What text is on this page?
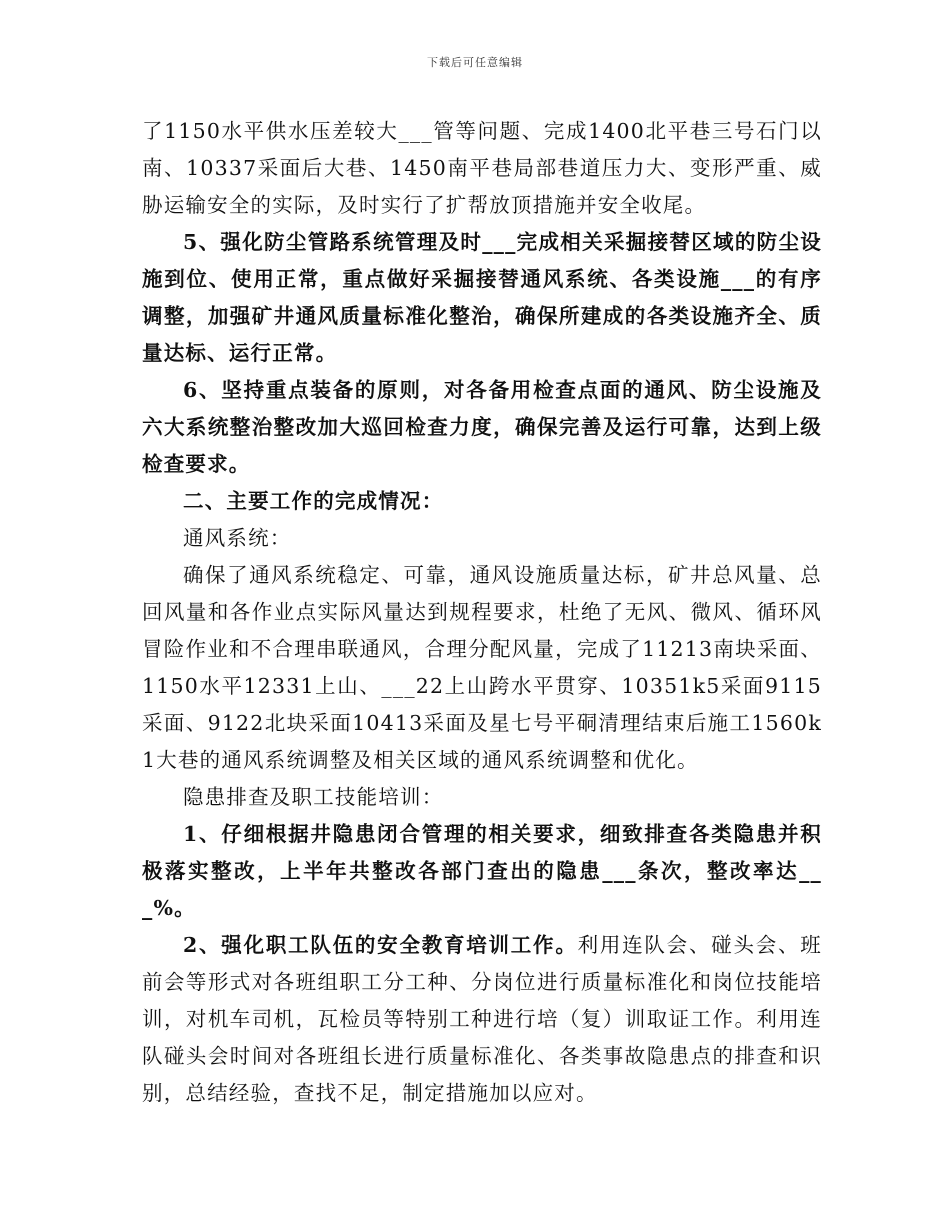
下载后可任意编辑

了1150水平供水压差较大___管等问题、完成1400北平巷三号石门以南、10337采面后大巷、1450南平巷局部巷道压力大、变形严重、威胁运输安全的实际，及时实行了扩帮放顶措施并安全收尾。

5、强化防尘管路系统管理及时___完成相关采掘接替区域的防尘设施到位、使用正常，重点做好采掘接替通风系统、各类设施___的有序调整，加强矿井通风质量标准化整治，确保所建成的各类设施齐全、质量达标、运行正常。

6、坚持重点装备的原则，对各备用检查点面的通风、防尘设施及六大系统整治整改加大巡回检查力度，确保完善及运行可靠，达到上级检查要求。

二、主要工作的完成情况：

通风系统：

确保了通风系统稳定、可靠，通风设施质量达标，矿井总风量、总回风量和各作业点实际风量达到规程要求，杜绝了无风、微风、循环风冒险作业和不合理串联通风，合理分配风量，完成了11213南块采面、1150水平12331上山、___22上山跨水平贯穿、10351k5采面9115采面、9122北块采面10413采面及星七号平硐清理结束后施工1560k1大巷的通风系统调整及相关区域的通风系统调整和优化。

隐患排查及职工技能培训：

1、仔细根据井隐患闭合管理的相关要求，细致排查各类隐患并积极落实整改，上半年共整改各部门查出的隐患___条次，整改率达___%。

2、强化职工队伍的安全教育培训工作。利用连队会、碰头会、班前会等形式对各班组职工分工种、分岗位进行质量标准化和岗位技能培训，对机车司机，瓦检员等特别工种进行培（复）训取证工作。利用连队碰头会时间对各班组长进行质量标准化、各类事故隐患点的排查和识别，总结经验，查找不足，制定措施加以应对。
